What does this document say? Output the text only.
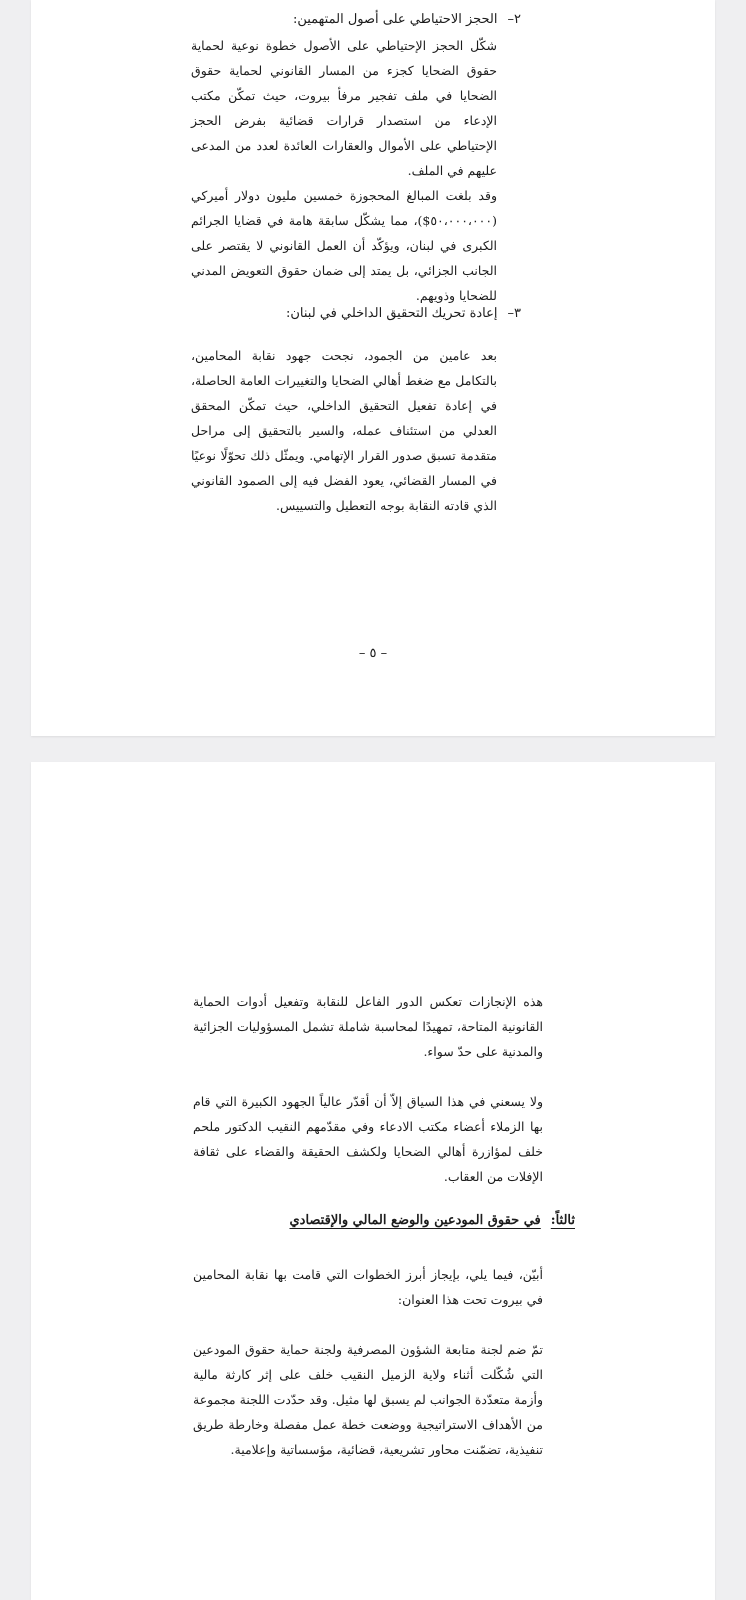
٢–الحجز الاحتياطي على أصول المتهمين:

شكّل الحجز الإحتياطي على الأصول خطوة نوعية لحماية حقوق الضحايا كجزء من المسار القانوني لحماية حقوق الضحايا في ملف تفجير مرفأ بيروت، حيث تمكّن مكتب الإدعاء من استصدار قرارات قضائية بفرض الحجز الإحتياطي على الأموال والعقارات العائدة لعدد من المدعى عليهم في الملف.

وقد بلغت المبالغ المحجوزة خمسين مليون دولار أميركي (٥٠،٠٠٠،٠٠٠$)، مما يشكّل سابقة هامة في قضايا الجرائم الكبرى في لبنان، ويؤكّد أن العمل القانوني لا يقتصر على الجانب الجزائي، بل يمتد إلى ضمان حقوق التعويض المدني للضحايا وذويهم.

٣–إعادة تحريك التحقيق الداخلي في لبنان:

بعد عامين من الجمود، نجحت جهود نقابة المحامين، بالتكامل مع ضغط أهالي الضحايا والتغييرات العامة الحاصلة، في إعادة تفعيل التحقيق الداخلي، حيث تمكّن المحقق العدلي من استئناف عمله، والسير بالتحقيق إلى مراحل متقدمة تسبق صدور القرار الإتهامي. ويمثّل ذلك تحوّلًا نوعيًا في المسار القضائي، يعود الفضل فيه إلى الصمود القانوني الذي قادته النقابة بوجه التعطيل والتسييس.

– ٥ –

هذه الإنجازات تعكس الدور الفاعل للنقابة وتفعيل أدوات الحماية القانونية المتاحة، تمهيدًا لمحاسبة شاملة تشمل المسؤوليات الجزائية والمدنية على حدّ سواء.

ولا يسعني في هذا السياق إلاّ أن أقدّر عالياً الجهود الكبيرة التي قام بها الزملاء أعضاء مكتب الادعاء وفي مقدّمهم النقيب الدكتور ملحم خلف لمؤازرة أهالي الضحايا ولكشف الحقيقة والقضاء على ثقافة الإفلات من العقاب.

ثالثاً:في حقوق المودعين والوضع المالي والإقتصادي

أبيّن، فيما يلي، بإيجاز أبرز الخطوات التي قامت بها نقابة المحامين في بيروت تحت هذا العنوان:

تمّ ضم لجنة متابعة الشؤون المصرفية ولجنة حماية حقوق المودعين التي شُكّلت أثناء ولاية الزميل النقيب خلف على إثر كارثة مالية وأزمة متعدّدة الجوانب لم يسبق لها مثيل. وقد حدّدت اللجنة مجموعة من الأهداف الاستراتيجية ووضعت خطة عمل مفصلة وخارطة طريق تنفيذية، تضمّنت محاور تشريعية، قضائية، مؤسساتية وإعلامية.
